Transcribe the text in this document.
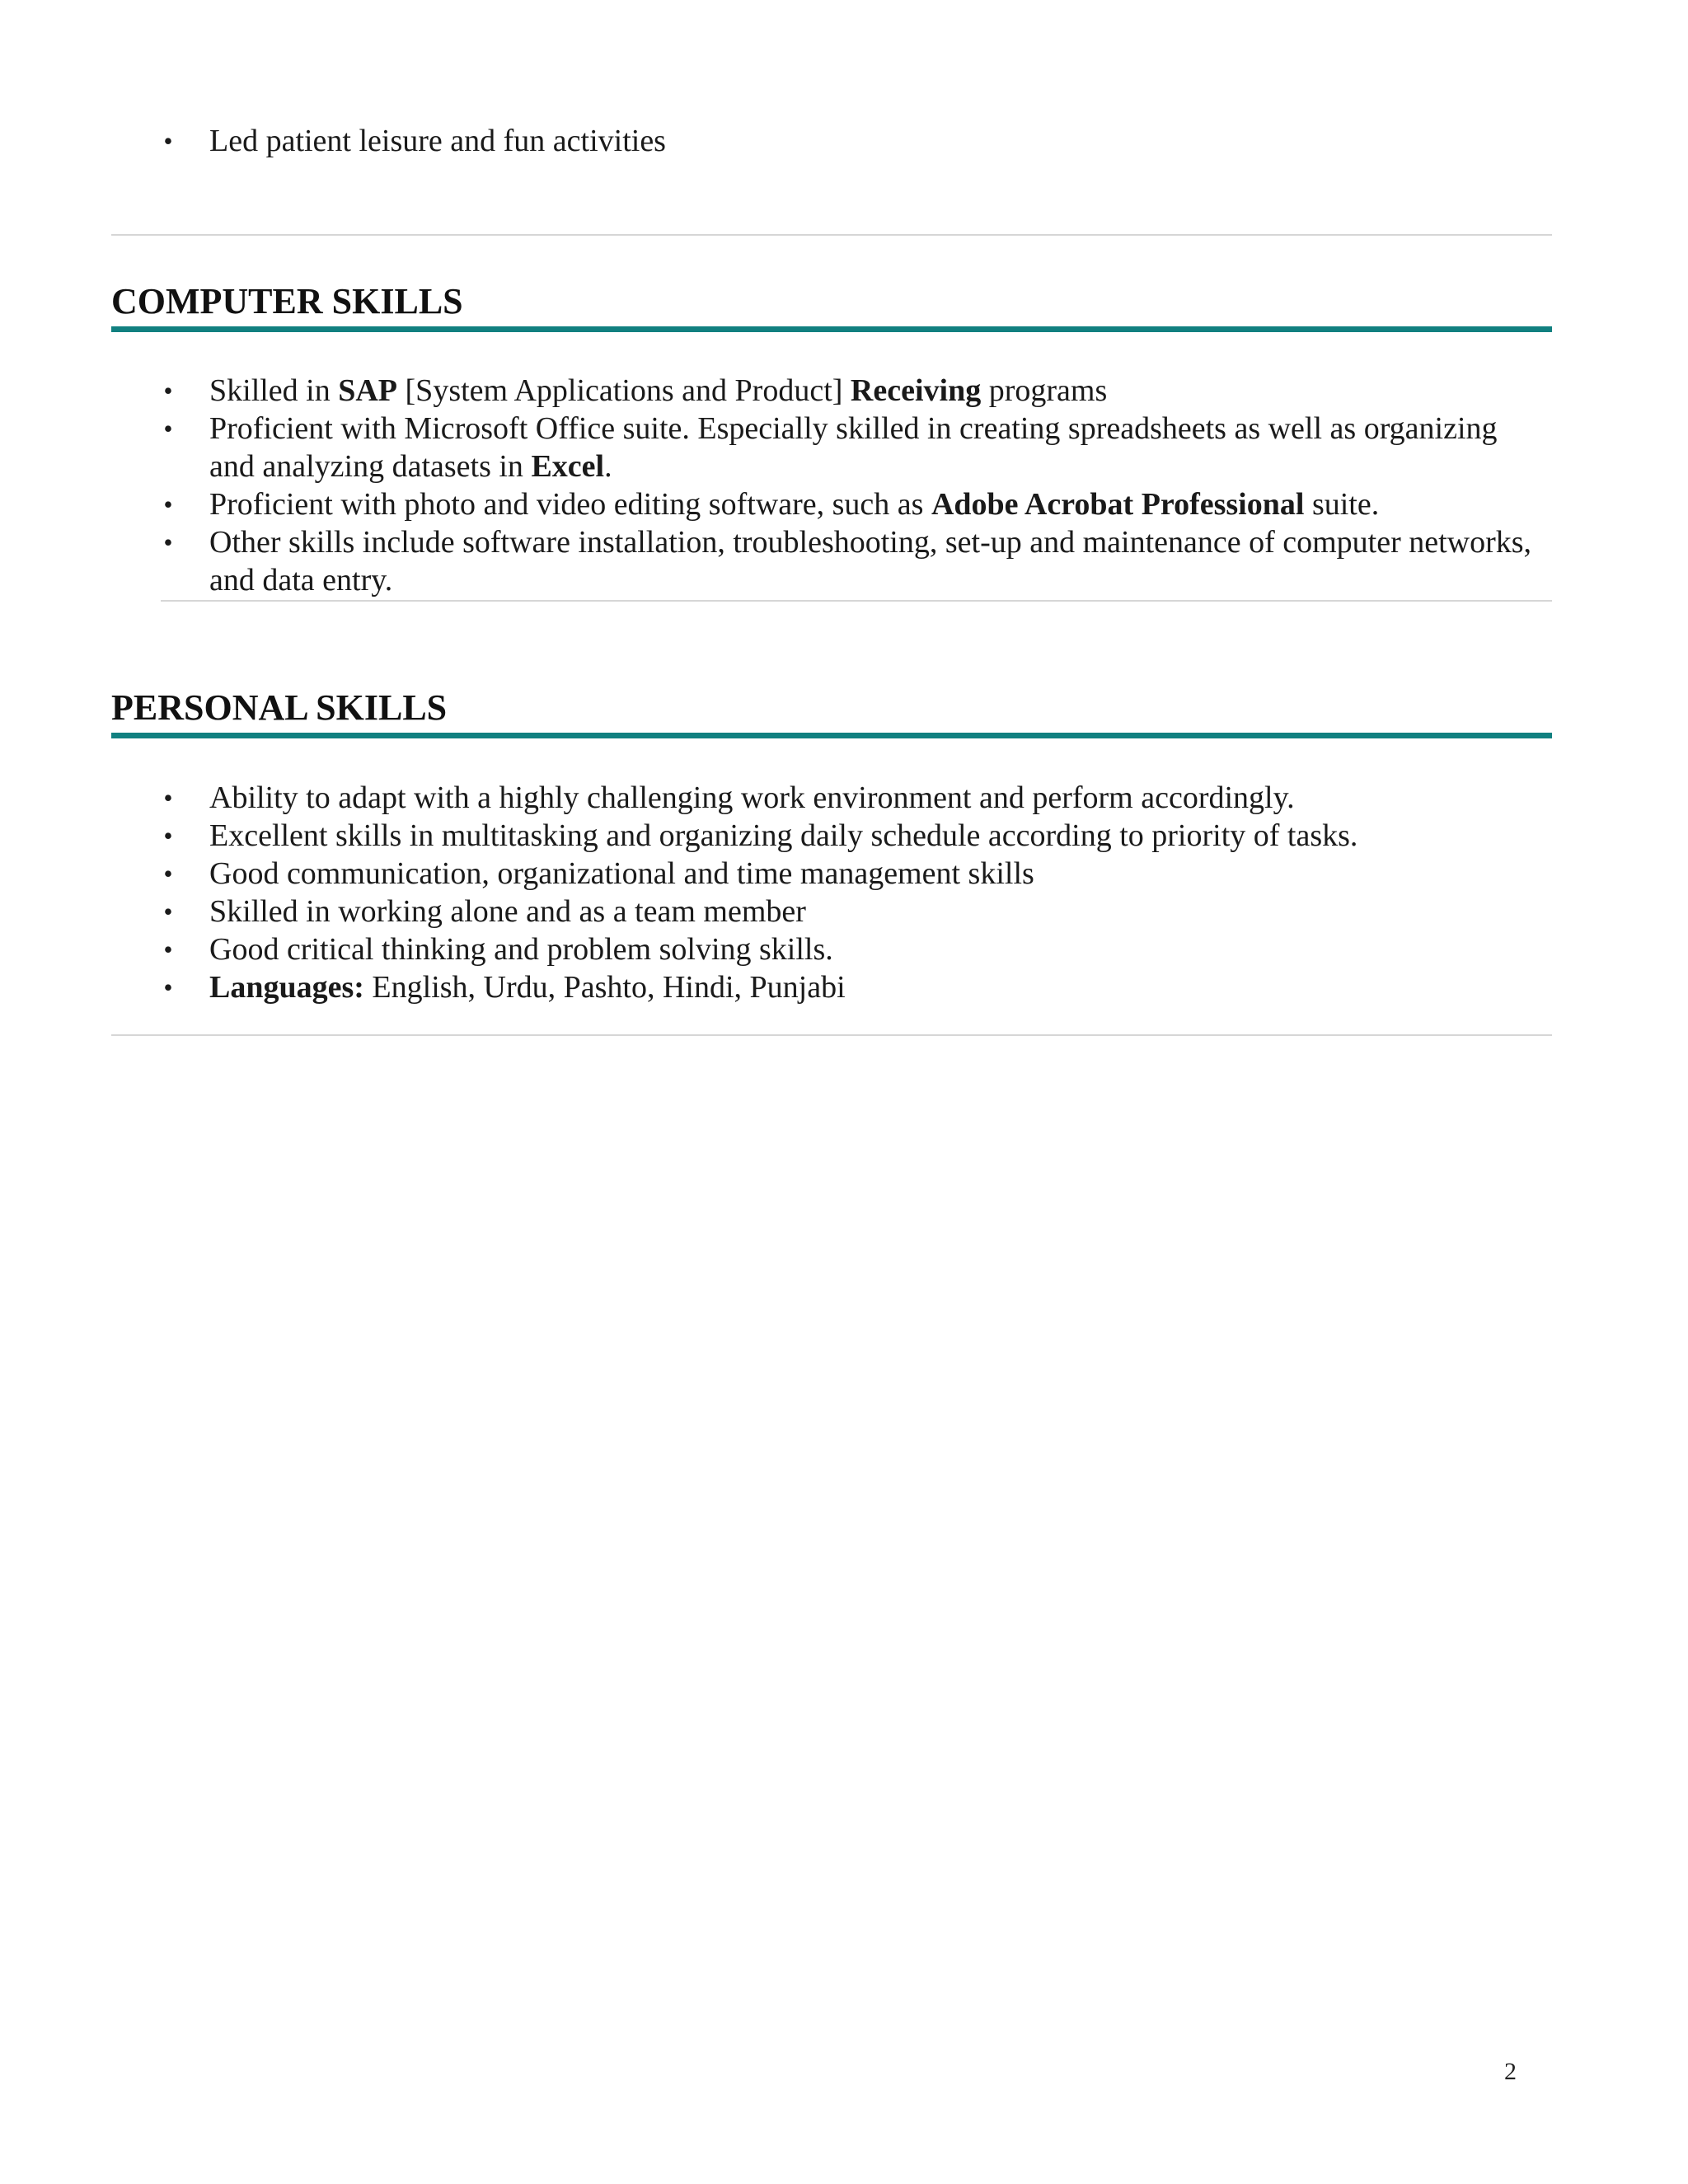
• Led patient leisure and fun activities
COMPUTER SKILLS
• Skilled in SAP [System Applications and Product] Receiving programs
• Proficient with Microsoft Office suite. Especially skilled in creating spreadsheets as well as organizing and analyzing datasets in Excel.
• Proficient with photo and video editing software, such as Adobe Acrobat Professional suite.
• Other skills include software installation, troubleshooting, set-up and maintenance of computer networks, and data entry.
PERSONAL SKILLS
• Ability to adapt with a highly challenging work environment and perform accordingly.
• Excellent skills in multitasking and organizing daily schedule according to priority of tasks.
• Good communication, organizational and time management skills
• Skilled in working alone and as a team member
• Good critical thinking and problem solving skills.
• Languages: English, Urdu, Pashto, Hindi, Punjabi
2
